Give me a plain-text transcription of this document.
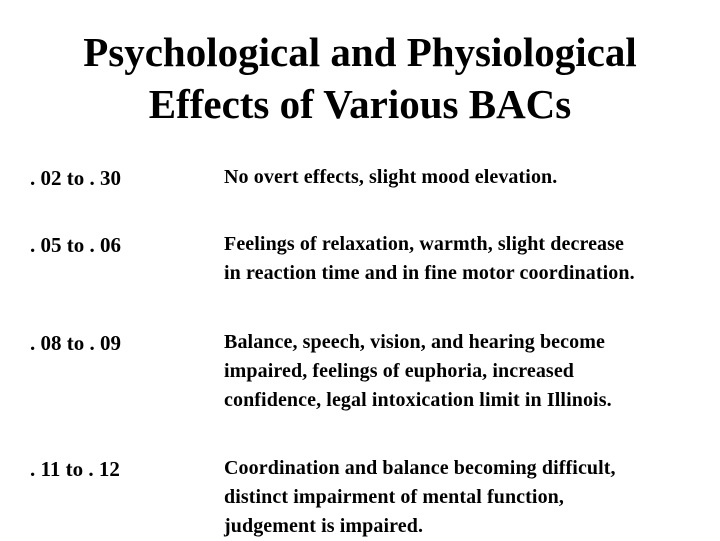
Psychological and Physiological
Effects of Various BACs
. 02 to . 30	No overt effects, slight mood elevation.
. 05 to . 06	Feelings of relaxation, warmth, slight decrease
in reaction time and in fine motor coordination.
. 08 to . 09	Balance, speech, vision, and hearing become
impaired, feelings of euphoria, increased
confidence, legal intoxication limit in Illinois.
. 11 to . 12	Coordination and balance becoming difficult,
distinct impairment of mental function,
judgement is impaired.
